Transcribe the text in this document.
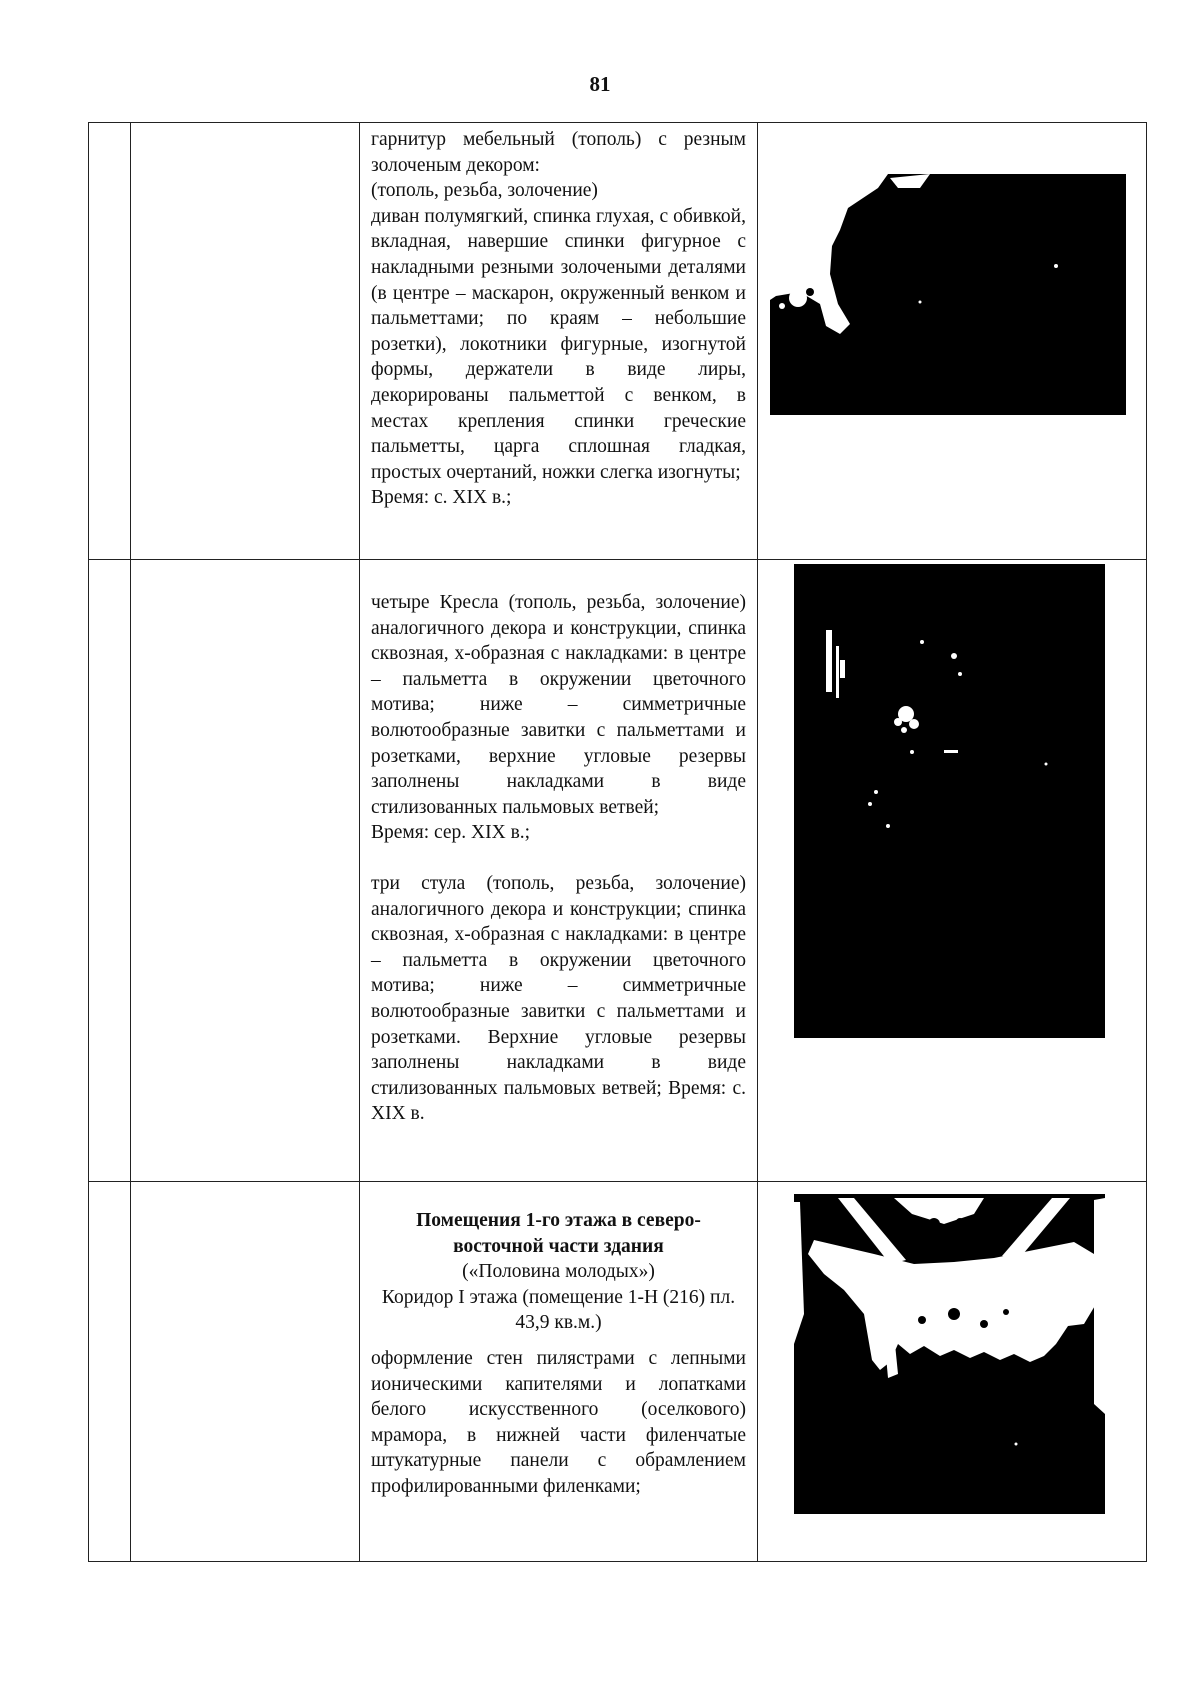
81

		гарнитур мебельный (тополь) с резным золоченым декором:

(тополь, резьба, золочение)

диван полумягкий, спинка глухая, с обивкой, вкладная, навершие спинки фигурное с накладными резными золочеными деталями (в центре – маскарон, окруженный венком и пальметтами; по краям – небольшие розетки), локотники фигурные, изогнутой формы, держатели в виде лиры, декорированы пальметтой с венком, в местах крепления спинки греческие пальметты, царга сплошная гладкая, простых очертаний, ножки слегка изогнуты;

Время: с. XIX в.;

		четыре Кресла (тополь, резьба, золочение) аналогичного декора и конструкции, спинка сквозная, х-образная с накладками: в центре – пальметта в окружении цветочного мотива; ниже – симметричные волютообразные завитки с пальметтами и розетками, верхние угловые резервы заполнены накладками в виде стилизованных пальмовых ветвей;

Время: сер. XIX в.;

три стула (тополь, резьба, золочение) аналогичного декора и конструкции; спинка сквозная, х-образная с накладками: в центре – пальметта в окружении цветочного мотива; ниже – симметричные волютообразные завитки с пальметтами и розетками. Верхние угловые резервы заполнены накладками в виде стилизованных пальмовых ветвей; Время: с. XIX в.

		Помещения 1-го этажа в северо-восточной части здания
(«Половина молодых»)
Коридор I этажа (помещение 1-Н (216) пл. 43,9 кв.м.)

оформление стен пилястрами с лепными ионическими капителями и лопатками белого искусственного (оселкового) мрамора, в нижней части филенчатые штукатурные панели с обрамлением профилированными филенками;
